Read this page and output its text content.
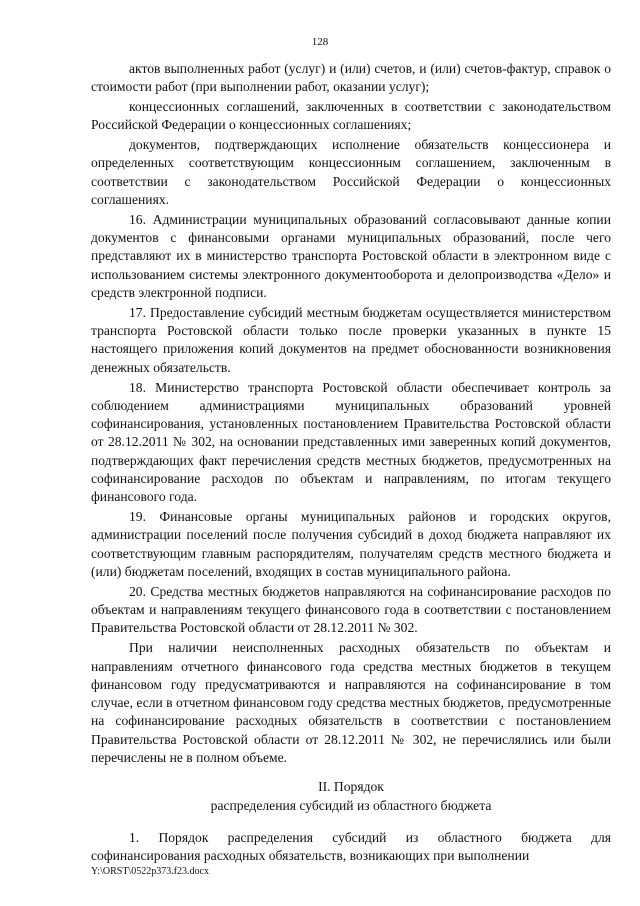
128

актов выполненных работ (услуг) и (или) счетов, и (или) счетов-фактур, справок о стоимости работ (при выполнении работ, оказании услуг);

концессионных соглашений, заключенных в соответствии с законодательством Российской Федерации о концессионных соглашениях;

документов, подтверждающих исполнение обязательств концессионера и определенных соответствующим концессионным соглашением, заключенным в соответствии с законодательством Российской Федерации о концессионных соглашениях.

16. Администрации муниципальных образований согласовывают данные копии документов с финансовыми органами муниципальных образований, после чего представляют их в министерство транспорта Ростовской области в электронном виде с использованием системы электронного документооборота и делопроизводства «Дело» и средств электронной подписи.

17. Предоставление субсидий местным бюджетам осуществляется министерством транспорта Ростовской области только после проверки указанных в пункте 15 настоящего приложения копий документов на предмет обоснованности возникновения денежных обязательств.

18. Министерство транспорта Ростовской области обеспечивает контроль за соблюдением администрациями муниципальных образований уровней софинансирования, установленных постановлением Правительства Ростовской области от 28.12.2011 № 302, на основании представленных ими заверенных копий документов, подтверждающих факт перечисления средств местных бюджетов, предусмотренных на софинансирование расходов по объектам и направлениям, по итогам текущего финансового года.

19. Финансовые органы муниципальных районов и городских округов, администрации поселений после получения субсидий в доход бюджета направляют их соответствующим главным распорядителям, получателям средств местного бюджета и (или) бюджетам поселений, входящих в состав муниципального района.

20. Средства местных бюджетов направляются на софинансирование расходов по объектам и направлениям текущего финансового года в соответствии с постановлением Правительства Ростовской области от 28.12.2011 № 302.

При наличии неисполненных расходных обязательств по объектам и направлениям отчетного финансового года средства местных бюджетов в текущем финансовом году предусматриваются и направляются на софинансирование в том случае, если в отчетном финансовом году средства местных бюджетов, предусмотренные на софинансирование расходных обязательств в соответствии с постановлением Правительства Ростовской области от 28.12.2011 № 302, не перечислялись или были перечислены не в полном объеме.

II. Порядок
распределения субсидий из областного бюджета

1. Порядок распределения субсидий из областного бюджета для софинансирования расходных обязательств, возникающих при выполнении

Y:\ORST\0522p373.f23.docx
